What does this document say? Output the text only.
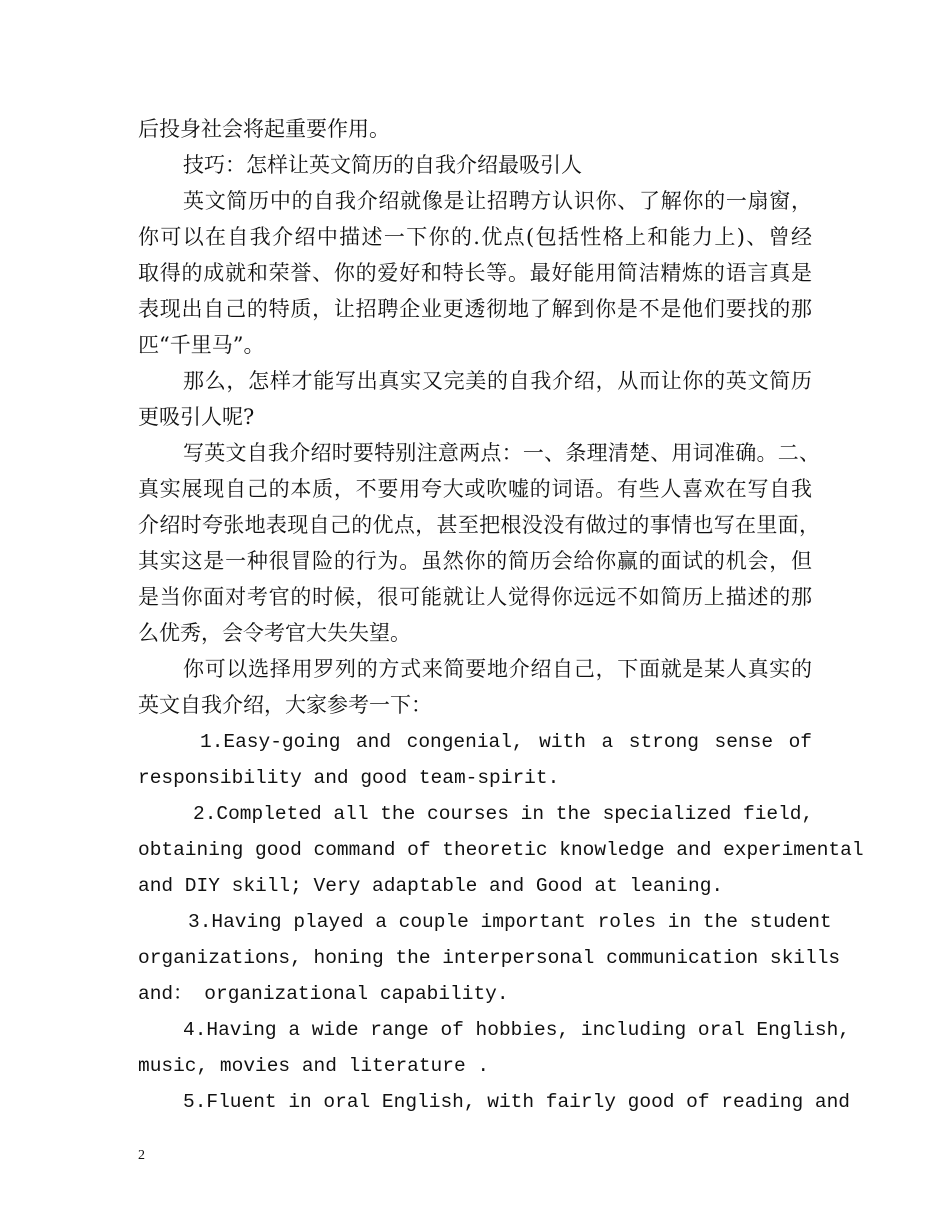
后投身社会将起重要作用。
技巧：怎样让英文简历的自我介绍最吸引人
英文简历中的自我介绍就像是让招聘方认识你、了解你的一扇窗，
你可以在自我介绍中描述一下你的.优点(包括性格上和能力上)、曾经
取得的成就和荣誉、你的爱好和特长等。最好能用简洁精炼的语言真是
表现出自己的特质，让招聘企业更透彻地了解到你是不是他们要找的那
匹“千里马”。
那么，怎样才能写出真实又完美的自我介绍，从而让你的英文简历
更吸引人呢?
写英文自我介绍时要特别注意两点：一、条理清楚、用词准确。二、
真实展现自己的本质，不要用夸大或吹嘘的词语。有些人喜欢在写自我
介绍时夸张地表现自己的优点，甚至把根没没有做过的事情也写在里面，
其实这是一种很冒险的行为。虽然你的简历会给你赢的面试的机会，但
是当你面对考官的时候，很可能就让人觉得你远远不如简历上描述的那
么优秀，会令考官大失失望。
你可以选择用罗列的方式来简要地介绍自己，下面就是某人真实的
英文自我介绍，大家参考一下：
1.Easy-going and congenial, with a strong sense of
responsibility and good team-spirit.
2.Completed all the courses in the specialized field,
obtaining good command of theoretic knowledge and experimental
and DIY skill; Very adaptable and Good at leaning.
3.Having played a couple important roles in the student
organizations, honing the interpersonal communication skills
and： organizational capability.
4.Having a wide range of hobbies, including oral English,
music, movies and literature .
5.Fluent in oral English, with fairly good of reading and
2
